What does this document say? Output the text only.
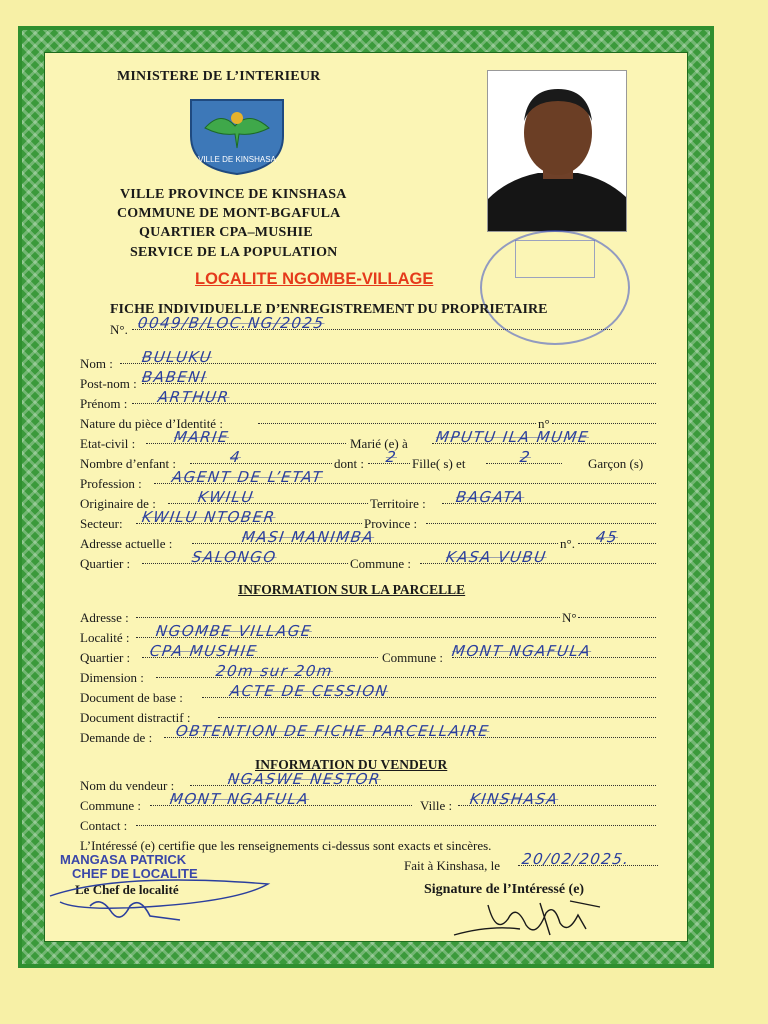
MINISTERE DE L’INTERIEUR
VILLE DE KINSHASA
VILLE PROVINCE DE KINSHASA
COMMUNE DE MONT-BGAFULA
QUARTIER CPA–MUSHIE
SERVICE DE LA POPULATION
LOCALITE NGOMBE-VILLAGE
FICHE INDIVIDUELLE D’ENREGISTREMENT DU PROPRIETAIRE
N°. 0049/B/LOC.NG/2025
Nom : BULUKU
Post-nom : BABENI
Prénom : ARTHUR
Nature du pièce d’Identité :	n°
Etat-civil :	MARIE	Marié (e) à MPUTU ILA MUME
Nombre d’enfant :	4	dont : 2 Fille( s) et	2	Garçon (s)
Profession : AGENT DE L’ETAT
Originaire de :	KWILU	Territoire : BAGATA
Secteur: KWILU NTOBER	Province :
Adresse actuelle :	MASI MANIMBA	n°. 45
Quartier :	SALONGO	Commune : KASA VUBU
INFORMATION SUR LA PARCELLE
Adresse :	N°
Localité : NGOMBE VILLAGE
Quartier : CPA MUSHIE	Commune : MONT NGAFULA
Dimension :	20m sur 20m
Document de base :	ACTE DE CESSION
Document distractif :
Demande de : OBTENTION DE FICHE PARCELLAIRE
INFORMATION DU VENDEUR
Nom du vendeur :	NGASWE NESTOR
Commune : MONT NGAFULA	Ville : KINSHASA
Contact :
L’Intéressé (e) certifie que les renseignements ci-dessus sont exacts et sincères.
Fait à Kinshasa, le 20/02/2025.
MANGASA PATRICK
CHEF DE LOCALITE
Le Chef de localité	Signature de l’Intéressé (e)
